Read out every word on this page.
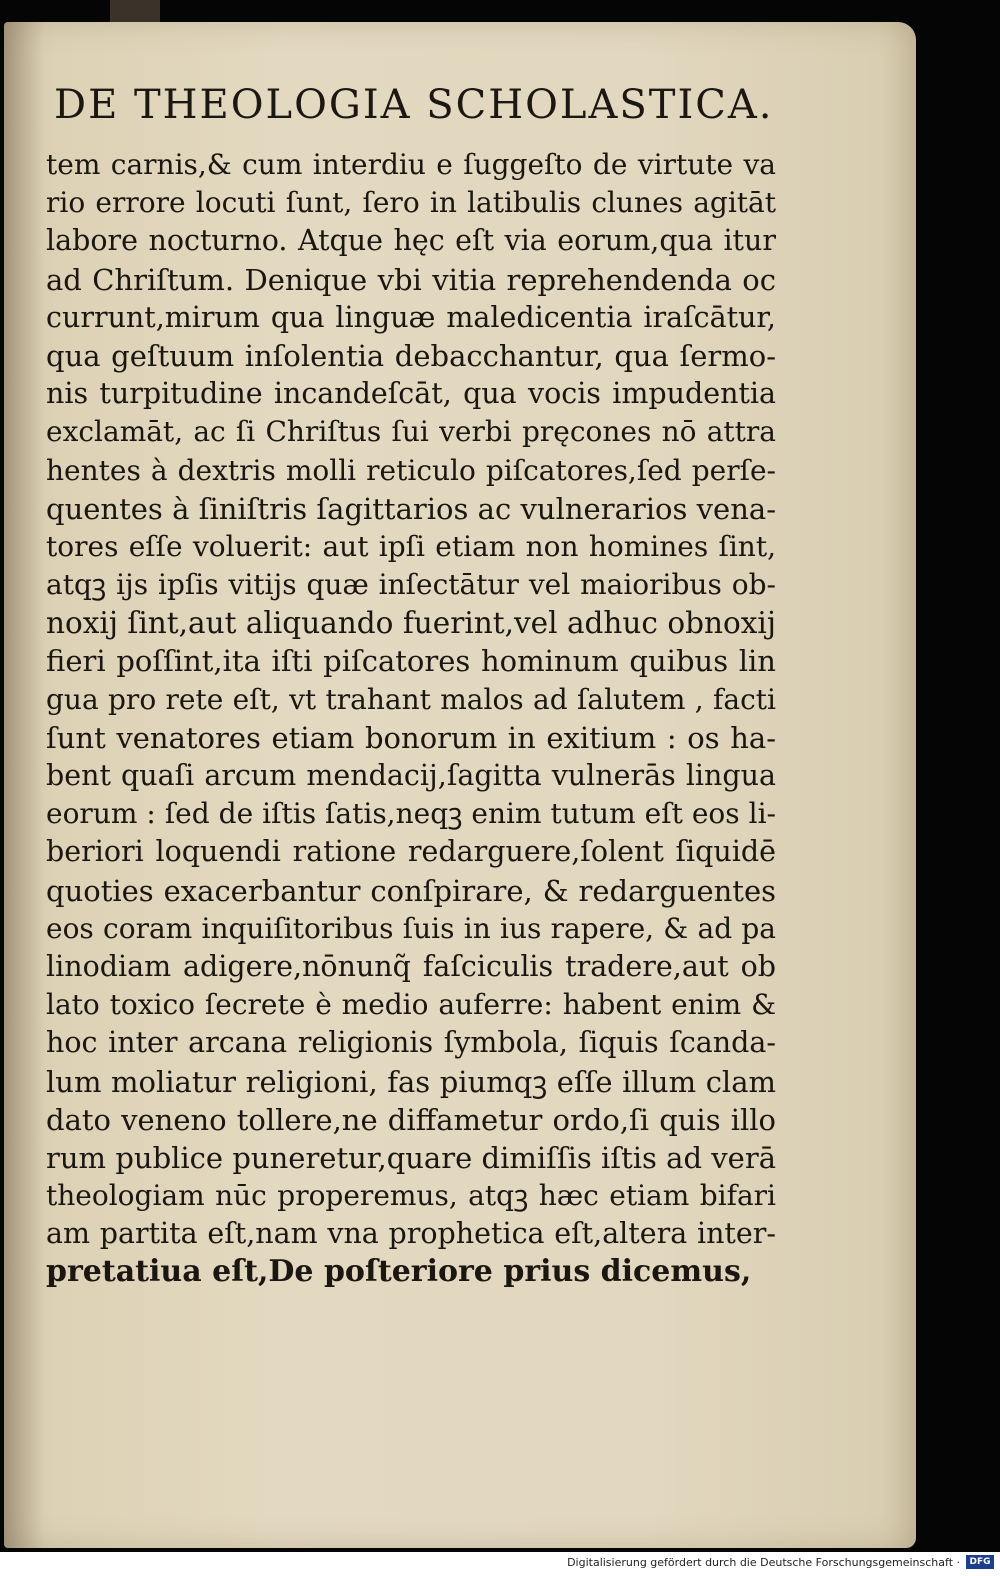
DE THEOLOGIA SCHOLASTICA.
tem carnis,& cum interdiu e ſuggeſto de virtute va
rio errore locuti ſunt, ſero in latibulis clunes agitāt
labore nocturno. Atque hęc eſt via eorum,qua itur
ad Chriſtum. Denique vbi vitia reprehendenda oc
currunt,mirum qua linguæ maledicentia iraſcātur,
qua geſtuum inſolentia debacchantur, qua ſermo-
nis turpitudine incandeſcāt, qua vocis impudentia
exclamāt, ac ſi Chriſtus ſui verbi pręcones nō attra
hentes à dextris molli reticulo piſcatores,ſed perſe-
quentes à ſiniſtris ſagittarios ac vulnerarios vena-
tores eſſe voluerit: aut ipſi etiam non homines ſint,
atqꝫ ijs ipſis vitijs quæ inſectātur vel maioribus ob-
noxij ſint,aut aliquando fuerint,vel adhuc obnoxij
fieri poſſint,ita iſti piſcatores hominum quibus lin
gua pro rete eſt, vt trahant malos ad ſalutem , facti
ſunt venatores etiam bonorum in exitium : os ha-
bent quaſi arcum mendacij,ſagitta vulnerās lingua
eorum : ſed de iſtis ſatis,neqꝫ enim tutum eſt eos li-
beriori loquendi ratione redarguere,ſolent ſiquidē
quoties exacerbantur conſpirare, & redarguentes
eos coram inquiſitoribus ſuis in ius rapere, & ad pa
linodiam adigere,nōnunq̃ faſciculis tradere,aut ob
lato toxico ſecrete è medio auferre: habent enim &
hoc inter arcana religionis ſymbola, ſiquis ſcanda-
lum moliatur religioni, fas piumqꝫ eſſe illum clam
dato veneno tollere,ne diffametur ordo,ſi quis illo
rum publice puneretur,quare dimiſſis iſtis ad verā
theologiam nūc properemus, atqꝫ hæc etiam bifari
am partita eſt,nam vna prophetica eſt,altera inter-
pretatiua eſt,De poſteriore prius dicemus,
Digitalisierung gefördert durch die Deutsche Forschungsgemeinschaft ·	DFG
